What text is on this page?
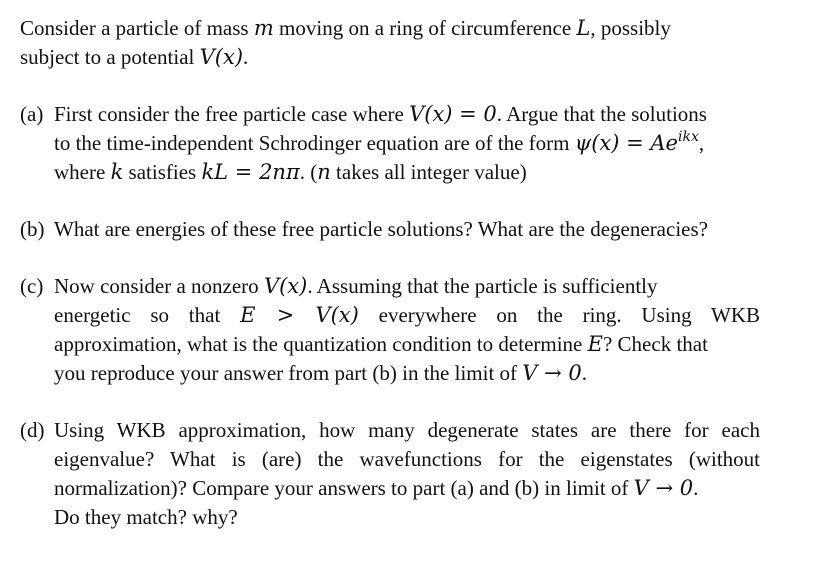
Consider a particle of mass m moving on a ring of circumference L, possibly
subject to a potential V(x).
(a) First consider the free particle case where V(x) = 0. Argue that the solutions
to the time-independent Schrodinger equation are of the form $\psi(x) = Ae^{ikx}$,
where k satisfies kL = 2nπ. (n takes all integer value)
(b) What are energies of these free particle solutions? What are the degeneracies?
(c) Now consider a nonzero V(x). Assuming that the particle is sufficiently
energetic so that E > V(x) everywhere on the ring. Using WKB
approximation, what is the quantization condition to determine E? Check that
you reproduce your answer from part (b) in the limit of V → 0.
(d) Using WKB approximation, how many degenerate states are there for each
eigenvalue? What is (are) the wavefunctions for the eigenstates (without
normalization)? Compare your answers to part (a) and (b) in limit of V → 0.
Do they match? why?
